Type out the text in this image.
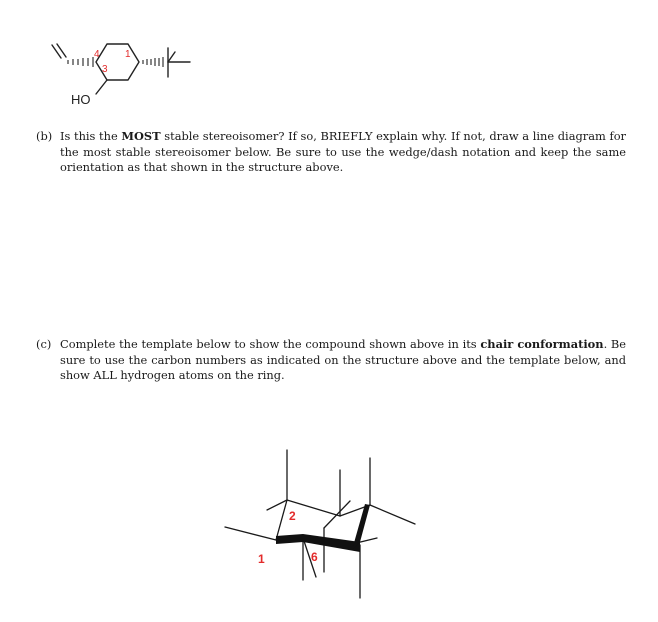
4	1
3
HO
(b) Is this the MOST stable stereoisomer? If so, BRIEFLY explain why. If not, draw a line diagram for the most stable stereoisomer below. Be sure to use the wedge/dash notation and keep the same orientation as that shown in the structure above.
(c) Complete the template below to show the compound shown above in its chair conformation. Be sure to use the carbon numbers as indicated on the structure above and the template below, and show ALL hydrogen atoms on the ring.
2
1	6
